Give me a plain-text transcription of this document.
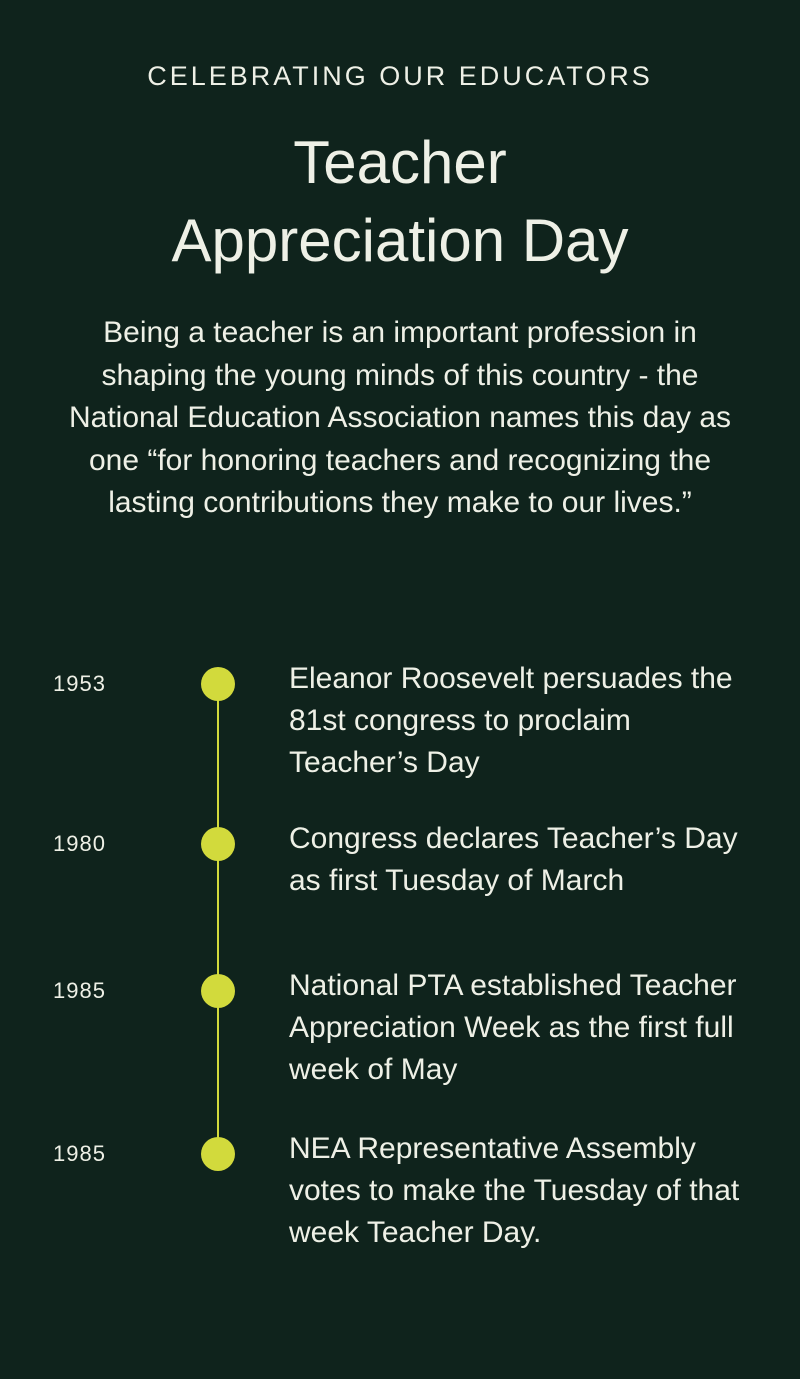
CELEBRATING OUR EDUCATORS
Teacher
Appreciation Day

Being a teacher is an important profession in shaping the young minds of this country - the National Education Association names this day as one “for honoring teachers and recognizing the lasting contributions they make to our lives.”

1953	Eleanor Roosevelt persuades the 81st congress to proclaim Teacher’s Day
1980	Congress declares Teacher’s Day as first Tuesday of March
1985	National PTA established Teacher Appreciation Week as the first full week of May
1985	NEA Representative Assembly votes to make the Tuesday of that week Teacher Day.
